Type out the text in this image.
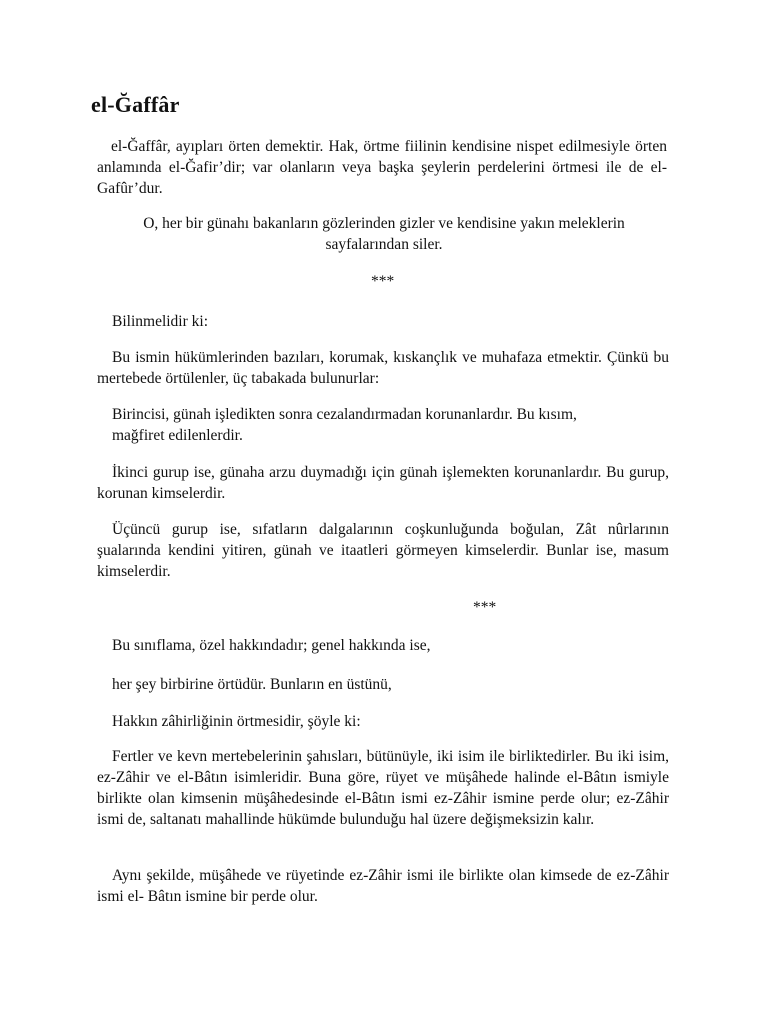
el-Ğaffâr

el-Ğaffâr, ayıpları örten demektir. Hak, örtme fiilinin kendisine nispet edilmesiyle örten anlamında el-Ğafir’dir; var olanların veya başka şeylerin perdelerini örtmesi ile de el-Gafûr’dur.

O, her bir günahı bakanların gözlerinden gizler ve kendisine yakın meleklerin sayfalarından siler.

***

Bilinmelidir ki:

Bu ismin hükümlerinden bazıları, korumak, kıskançlık ve muhafaza etmektir. Çünkü bu mertebede örtülenler, üç tabakada bulunurlar:

Birincisi, günah işledikten sonra cezalandırmadan korunanlardır. Bu kısım, mağfiret edilenlerdir.

İkinci gurup ise, günaha arzu duymadığı için günah işlemekten korunanlardır. Bu gurup, korunan kimselerdir.

Üçüncü gurup ise, sıfatların dalgalarının coşkunluğunda boğulan, Zât nûrlarının şualarında kendini yitiren, günah ve itaatleri görmeyen kimselerdir. Bunlar ise, masum kimselerdir.

***

Bu sınıflama, özel hakkındadır; genel hakkında ise,

her şey birbirine örtüdür. Bunların en üstünü,

Hakkın zâhirliğinin örtmesidir, şöyle ki:

Fertler ve kevn mertebelerinin şahısları, bütünüyle, iki isim ile birliktedirler. Bu iki isim, ez-Zâhir ve el-Bâtın isimleridir. Buna göre, rüyet ve müşâhede halinde el-Bâtın ismiyle birlikte olan kimsenin müşâhedesinde el-Bâtın ismi ez-Zâhir ismine perde olur; ez-Zâhir ismi de, saltanatı mahallinde hükümde bulunduğu hal üzere değişmeksizin kalır.

Aynı şekilde, müşâhede ve rüyetinde ez-Zâhir ismi ile birlikte olan kimsede de ez-Zâhir ismi el- Bâtın ismine bir perde olur.
